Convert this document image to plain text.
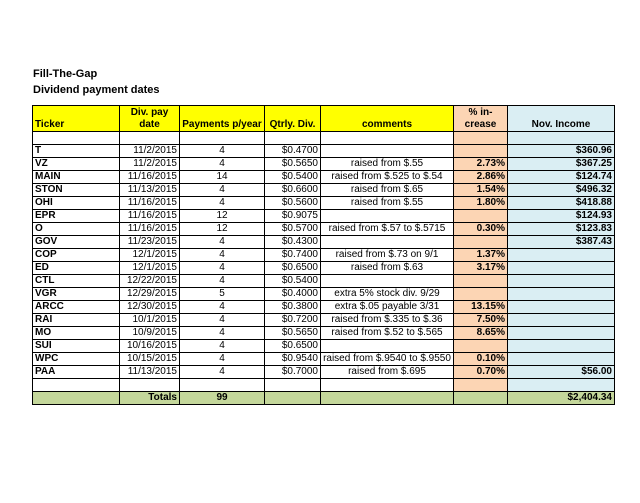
Fill-The-Gap
Dividend payment dates
Ticker	Div. pay date	Payments p/year	Qtrly. Div.	comments	% in-crease	Nov. Income

T	11/2/2015	4	$0.4700			$360.96
VZ	11/2/2015	4	$0.5650	raised from $.55	2.73%	$367.25
MAIN	11/16/2015	14	$0.5400	raised from $.525 to $.54	2.86%	$124.74
STON	11/13/2015	4	$0.6600	raised from $.65	1.54%	$496.32
OHI	11/16/2015	4	$0.5600	raised from $.55	1.80%	$418.88
EPR	11/16/2015	12	$0.9075			$124.93
O	11/16/2015	12	$0.5700	raised from $.57 to $.5715	0.30%	$123.83
GOV	11/23/2015	4	$0.4300			$387.43
COP	12/1/2015	4	$0.7400	raised from $.73 on 9/1	1.37%	
ED	12/1/2015	4	$0.6500	raised from $.63	3.17%	
CTL	12/22/2015	4	$0.5400			
VGR	12/29/2015	5	$0.4000	extra 5% stock div. 9/29		
ARCC	12/30/2015	4	$0.3800	extra $.05 payable 3/31	13.15%	
RAI	10/1/2015	4	$0.7200	raised from $.335 to $.36	7.50%	
MO	10/9/2015	4	$0.5650	raised from $.52 to $.565	8.65%	
SUI	10/16/2015	4	$0.6500			
WPC	10/15/2015	4	$0.9540	raised from $.9540 to $.9550	0.10%	
PAA	11/13/2015	4	$0.7000	raised from $.695	0.70%	$56.00

	Totals	99				$2,404.34
